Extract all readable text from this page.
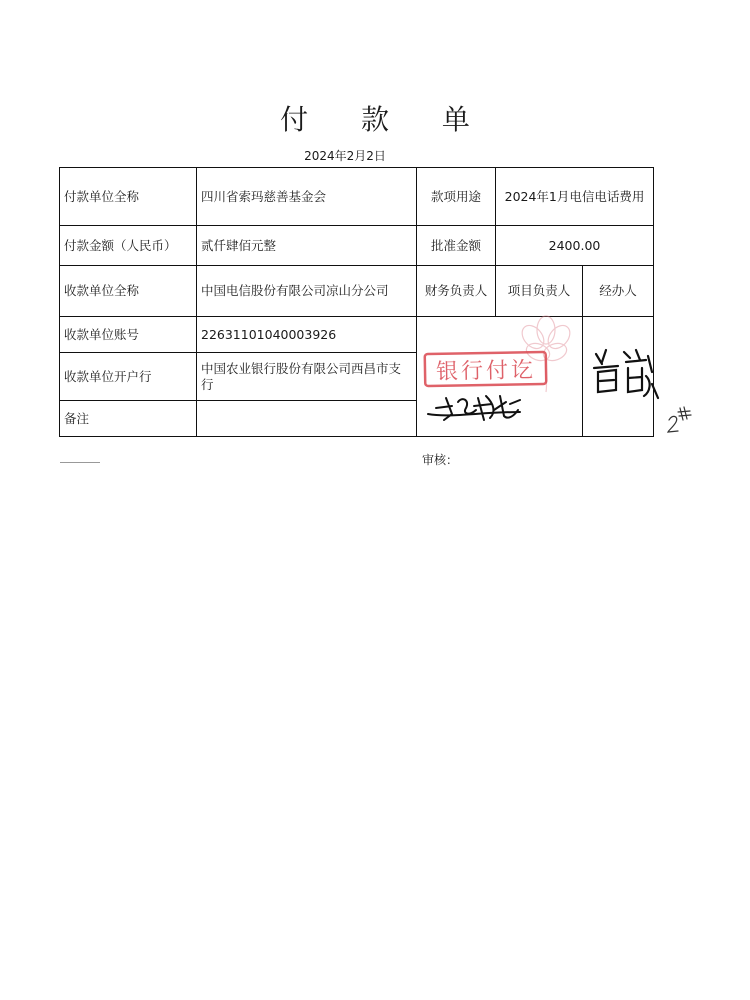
付 款 单
2024年2月2日
付款单位全称	四川省索玛慈善基金会	款项用途	2024年1月电信电话费用	
付款金额（人民币）	贰仟肆佰元整	批准金额	2400.00	
收款单位全称	中国电信股份有限公司凉山分公司	财务负责人	项目负责人	经办人
收款单位账号	22631101040003926			
收款单位开户行	中国农业银行股份有限公司西昌市支行			
备注				
审核：
银行付讫
